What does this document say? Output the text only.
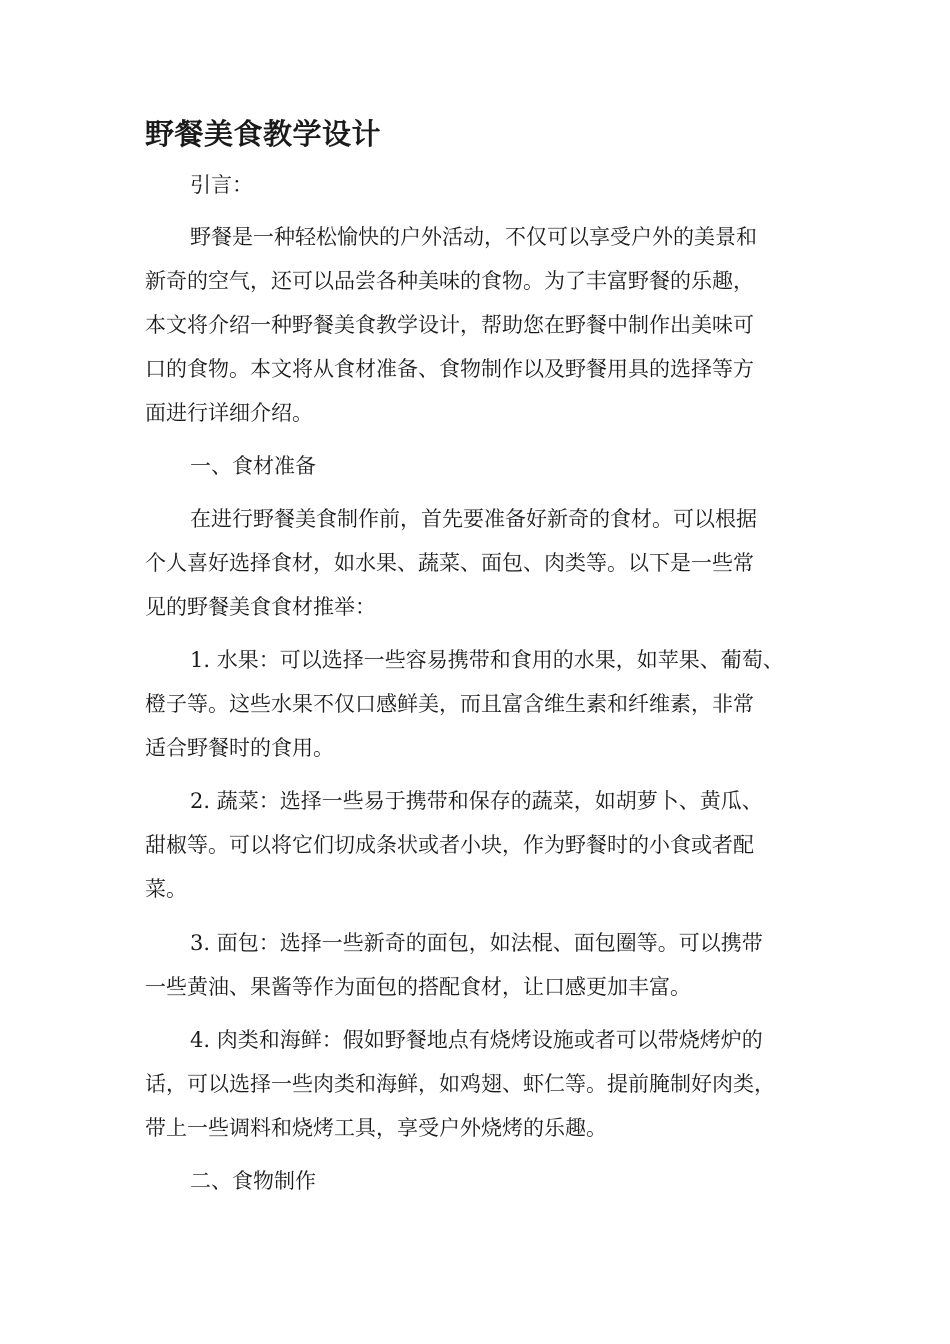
野餐美食教学设计

引言：

野餐是一种轻松愉快的户外活动，不仅可以享受户外的美景和

新奇的空气，还可以品尝各种美味的食物。为了丰富野餐的乐趣，

本文将介绍一种野餐美食教学设计，帮助您在野餐中制作出美味可

口的食物。本文将从食材准备、食物制作以及野餐用具的选择等方

面进行详细介绍。

一、食材准备

在进行野餐美食制作前，首先要准备好新奇的食材。可以根据

个人喜好选择食材，如水果、蔬菜、面包、肉类等。以下是一些常

见的野餐美食食材推举：

1. 水果：可以选择一些容易携带和食用的水果，如苹果、葡萄、

橙子等。这些水果不仅口感鲜美，而且富含维生素和纤维素，非常

适合野餐时的食用。

2. 蔬菜：选择一些易于携带和保存的蔬菜，如胡萝卜、黄瓜、

甜椒等。可以将它们切成条状或者小块，作为野餐时的小食或者配

菜。

3. 面包：选择一些新奇的面包，如法棍、面包圈等。可以携带

一些黄油、果酱等作为面包的搭配食材，让口感更加丰富。

4. 肉类和海鲜：假如野餐地点有烧烤设施或者可以带烧烤炉的

话，可以选择一些肉类和海鲜，如鸡翅、虾仁等。提前腌制好肉类，

带上一些调料和烧烤工具，享受户外烧烤的乐趣。

二、食物制作
